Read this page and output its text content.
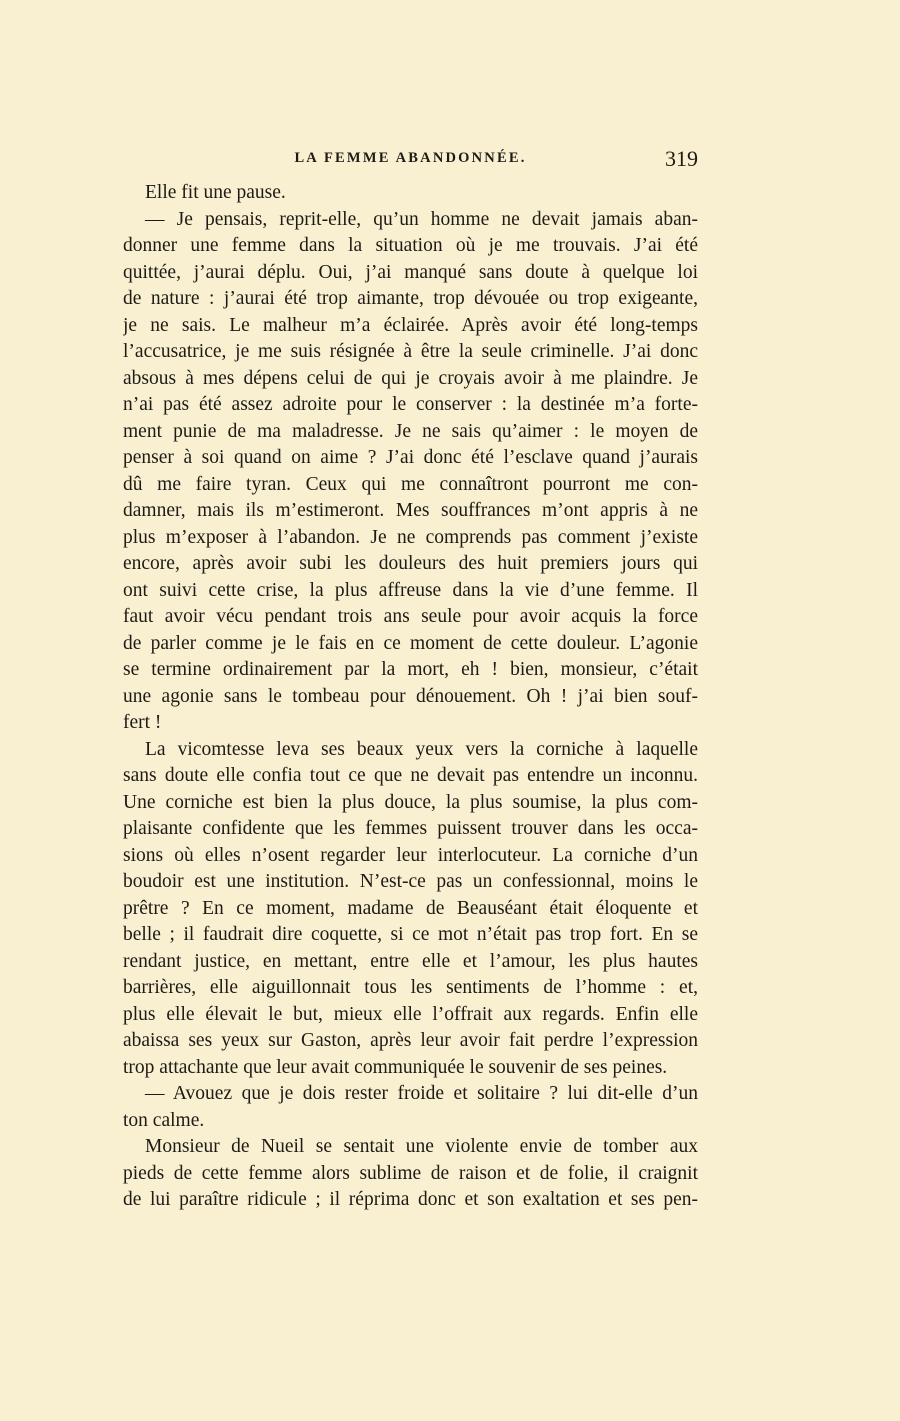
LA FEMME ABANDONNÉE.	319
Elle fit une pause.
— Je pensais, reprit-elle, qu’un homme ne devait jamais aban-
donner une femme dans la situation où je me trouvais. J’ai été
quittée, j’aurai déplu. Oui, j’ai manqué sans doute à quelque loi
de nature : j’aurai été trop aimante, trop dévouée ou trop exigeante,
je ne sais. Le malheur m’a éclairée. Après avoir été long-temps
l’accusatrice, je me suis résignée à être la seule criminelle. J’ai donc
absous à mes dépens celui de qui je croyais avoir à me plaindre. Je
n’ai pas été assez adroite pour le conserver : la destinée m’a forte-
ment punie de ma maladresse. Je ne sais qu’aimer : le moyen de
penser à soi quand on aime ? J’ai donc été l’esclave quand j’aurais
dû me faire tyran. Ceux qui me connaîtront pourront me con-
damner, mais ils m’estimeront. Mes souffrances m’ont appris à ne
plus m’exposer à l’abandon. Je ne comprends pas comment j’existe
encore, après avoir subi les douleurs des huit premiers jours qui
ont suivi cette crise, la plus affreuse dans la vie d’une femme. Il
faut avoir vécu pendant trois ans seule pour avoir acquis la force
de parler comme je le fais en ce moment de cette douleur. L’agonie
se termine ordinairement par la mort, eh ! bien, monsieur, c’était
une agonie sans le tombeau pour dénouement. Oh ! j’ai bien souf-
fert !
La vicomtesse leva ses beaux yeux vers la corniche à laquelle
sans doute elle confia tout ce que ne devait pas entendre un inconnu.
Une corniche est bien la plus douce, la plus soumise, la plus com-
plaisante confidente que les femmes puissent trouver dans les occa-
sions où elles n’osent regarder leur interlocuteur. La corniche d’un
boudoir est une institution. N’est-ce pas un confessionnal, moins le
prêtre ? En ce moment, madame de Beauséant était éloquente et
belle ; il faudrait dire coquette, si ce mot n’était pas trop fort. En se
rendant justice, en mettant, entre elle et l’amour, les plus hautes
barrières, elle aiguillonnait tous les sentiments de l’homme : et,
plus elle élevait le but, mieux elle l’offrait aux regards. Enfin elle
abaissa ses yeux sur Gaston, après leur avoir fait perdre l’expression
trop attachante que leur avait communiquée le souvenir de ses peines.
— Avouez que je dois rester froide et solitaire ? lui dit-elle d’un
ton calme.
Monsieur de Nueil se sentait une violente envie de tomber aux
pieds de cette femme alors sublime de raison et de folie, il craignit
de lui paraître ridicule ; il réprima donc et son exaltation et ses pen-
